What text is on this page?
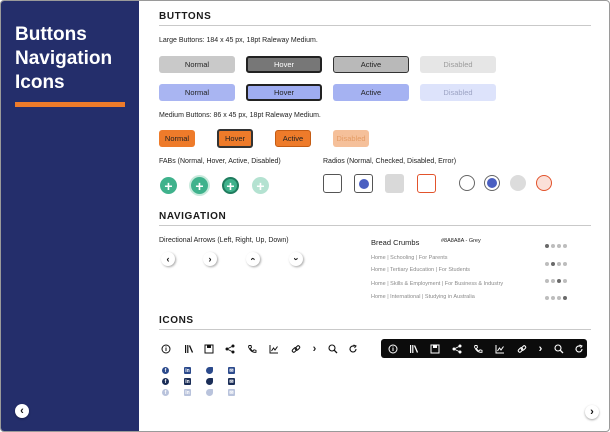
Buttons
Navigation
Icons
‹
BUTTONS
Large Buttons: 184 x 45 px, 18pt Raleway Medium.
Normal	Hover	Active	Disabled
Normal	Hover	Active	Disabled
Medium Buttons: 86 x 45 px, 18pt Raleway Medium.
Normal	Hover	Active	Disabled
FABs (Normal, Hover, Active, Disabled)
+ + + +
Radios (Normal, Checked, Disabled, Error)
NAVIGATION
Directional Arrows (Left, Right, Up, Down)
‹	›	‹	›
Bread Crumbs	#8A8A8A - Grey
Home | Schooling | For Parents
Home | Tertiary Education | For Students
Home | Skills & Employment | For Business & Industry
Home | International | Studying in Australia
ICONS
›	›
f	in	✉
f	in	✉
f	in	✉
›
